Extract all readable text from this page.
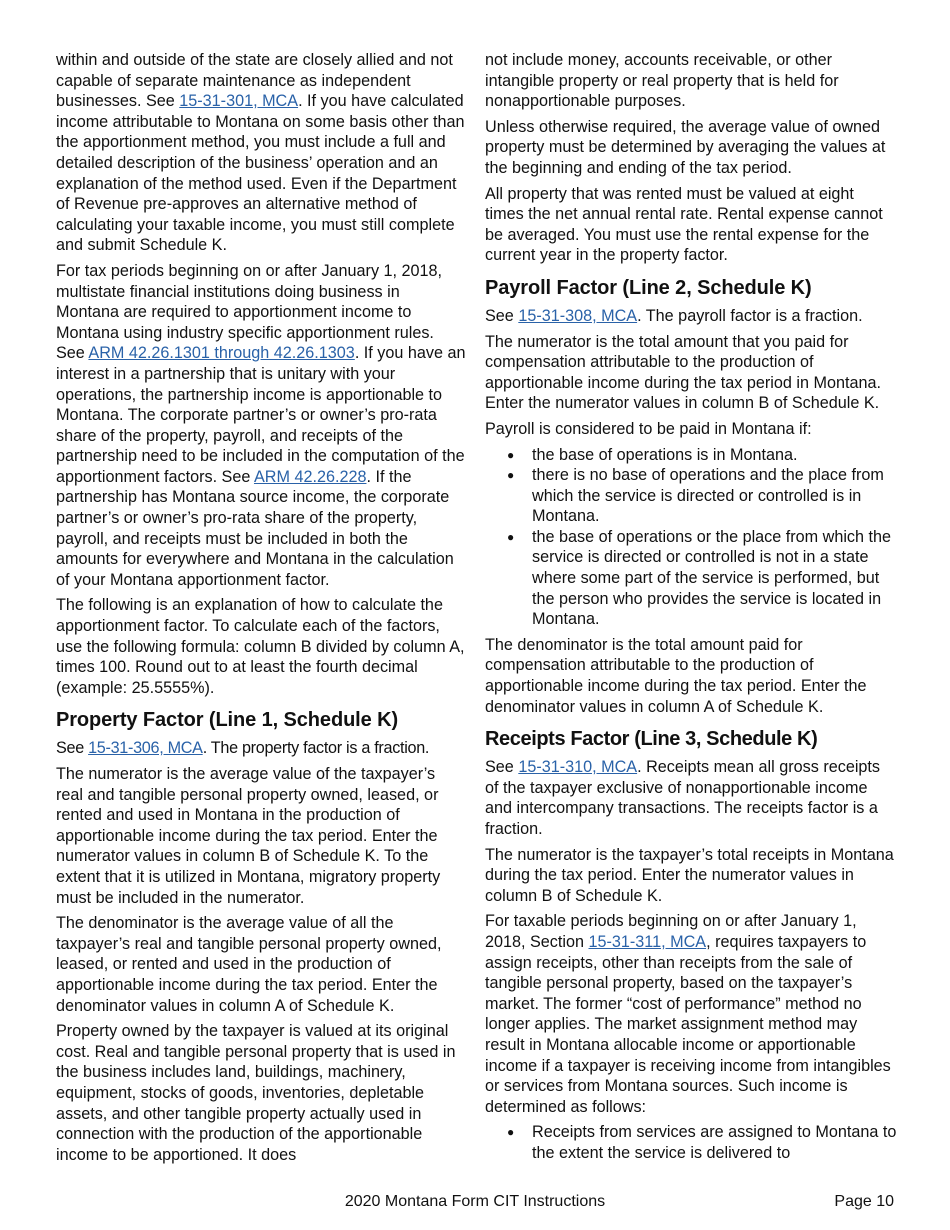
within and outside of the state are closely allied and not capable of separate maintenance as independent businesses. See 15-31-301, MCA. If you have calculated income attributable to Montana on some basis other than the apportionment method, you must include a full and detailed description of the business’ operation and an explanation of the method used. Even if the Department of Revenue pre-approves an alternative method of calculating your taxable income, you must still complete and submit Schedule K.

For tax periods beginning on or after January 1, 2018, multistate financial institutions doing business in Montana are required to apportionment income to Montana using industry specific apportionment rules. See ARM 42.26.1301 through 42.26.1303. If you have an interest in a partnership that is unitary with your operations, the partnership income is apportionable to Montana. The corporate partner’s or owner’s pro-rata share of the property, payroll, and receipts of the partnership need to be included in the computation of the apportionment factors. See ARM 42.26.228. If the partnership has Montana source income, the corporate partner’s or owner’s pro-rata share of the property, payroll, and receipts must be included in both the amounts for everywhere and Montana in the calculation of your Montana apportionment factor.

The following is an explanation of how to calculate the apportionment factor. To calculate each of the factors, use the following formula: column B divided by column A, times 100. Round out to at least the fourth decimal (example: 25.5555%).

Property Factor (Line 1, Schedule K)

See 15-31-306, MCA. The property factor is a fraction.

The numerator is the average value of the taxpayer’s real and tangible personal property owned, leased, or rented and used in Montana in the production of apportionable income during the tax period. Enter the numerator values in column B of Schedule K. To the extent that it is utilized in Montana, migratory property must be included in the numerator.

The denominator is the average value of all the taxpayer’s real and tangible personal property owned, leased, or rented and used in the production of apportionable income during the tax period. Enter the denominator values in column A of Schedule K.

Property owned by the taxpayer is valued at its original cost. Real and tangible personal property that is used in the business includes land, buildings, machinery, equipment, stocks of goods, inventories, depletable assets, and other tangible property actually used in connection with the production of the apportionable income to be apportioned. It does

not include money, accounts receivable, or other intangible property or real property that is held for nonapportionable purposes.

Unless otherwise required, the average value of owned property must be determined by averaging the values at the beginning and ending of the tax period.

All property that was rented must be valued at eight times the net annual rental rate. Rental expense cannot be averaged. You must use the rental expense for the current year in the property factor.

Payroll Factor (Line 2, Schedule K)

See 15-31-308, MCA. The payroll factor is a fraction.

The numerator is the total amount that you paid for compensation attributable to the production of apportionable income during the tax period in Montana. Enter the numerator values in column B of Schedule K.

Payroll is considered to be paid in Montana if:

● the base of operations is in Montana.
● there is no base of operations and the place from which the service is directed or controlled is in Montana.
● the base of operations or the place from which the service is directed or controlled is not in a state where some part of the service is performed, but the person who provides the service is located in Montana.

The denominator is the total amount paid for compensation attributable to the production of apportionable income during the tax period. Enter the denominator values in column A of Schedule K.

Receipts Factor (Line 3, Schedule K)

See 15-31-310, MCA. Receipts mean all gross receipts of the taxpayer exclusive of nonapportionable income and intercompany transactions. The receipts factor is a fraction.

The numerator is the taxpayer’s total receipts in Montana during the tax period. Enter the numerator values in column B of Schedule K.

For taxable periods beginning on or after January 1, 2018, Section 15-31-311, MCA, requires taxpayers to assign receipts, other than receipts from the sale of tangible personal property, based on the taxpayer’s market. The former “cost of performance” method no longer applies. The market assignment method may result in Montana allocable income or apportionable income if a taxpayer is receiving income from intangibles or services from Montana sources. Such income is determined as follows:

● Receipts from services are assigned to Montana to the extent the service is delivered to
2020 Montana Form CIT Instructions	Page 10
